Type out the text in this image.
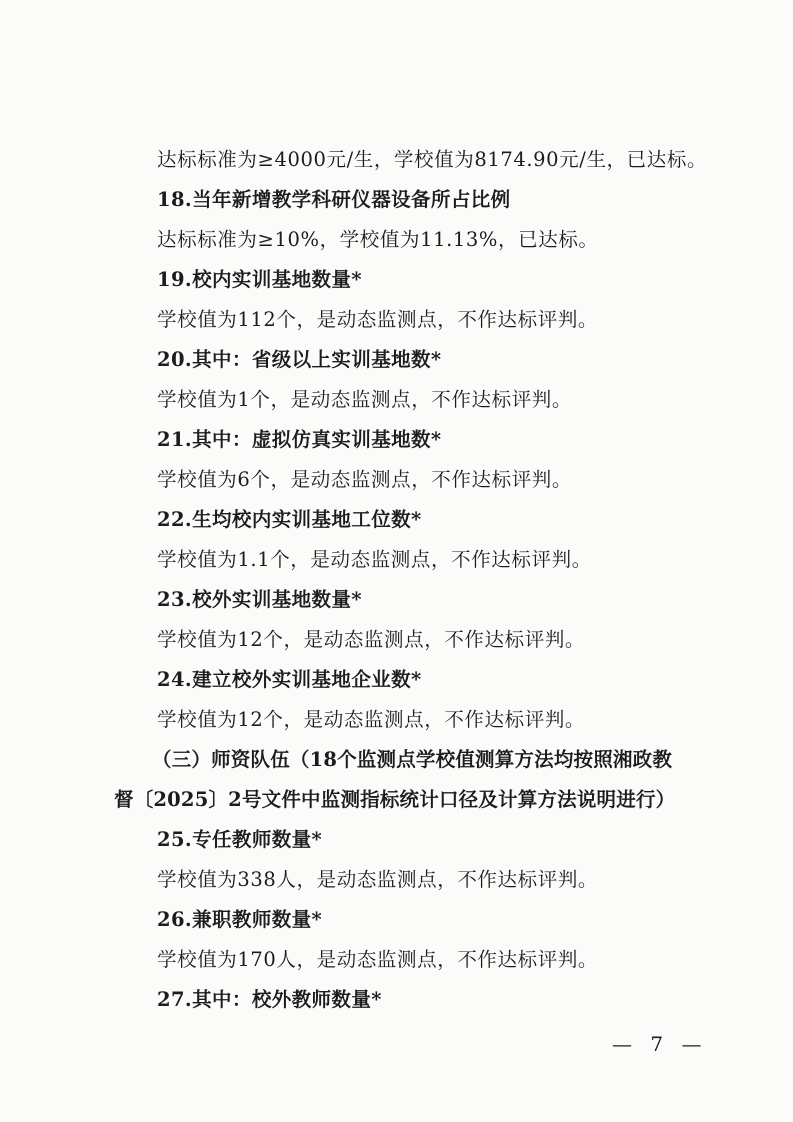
达标标准为≥4000元/生，学校值为8174.90元/生，已达标。
18.当年新增教学科研仪器设备所占比例
达标标准为≥10%，学校值为11.13%，已达标。
19.校内实训基地数量*
学校值为112个，是动态监测点，不作达标评判。
20.其中：省级以上实训基地数*
学校值为1个，是动态监测点，不作达标评判。
21.其中：虚拟仿真实训基地数*
学校值为6个，是动态监测点，不作达标评判。
22.生均校内实训基地工位数*
学校值为1.1个，是动态监测点，不作达标评判。
23.校外实训基地数量*
学校值为12个，是动态监测点，不作达标评判。
24.建立校外实训基地企业数*
学校值为12个，是动态监测点，不作达标评判。
（三）师资队伍（18个监测点学校值测算方法均按照湘政教
督〔2025〕2号文件中监测指标统计口径及计算方法说明进行）
25.专任教师数量*
学校值为338人，是动态监测点，不作达标评判。
26.兼职教师数量*
学校值为170人，是动态监测点，不作达标评判。
27.其中：校外教师数量*
— 7 —
